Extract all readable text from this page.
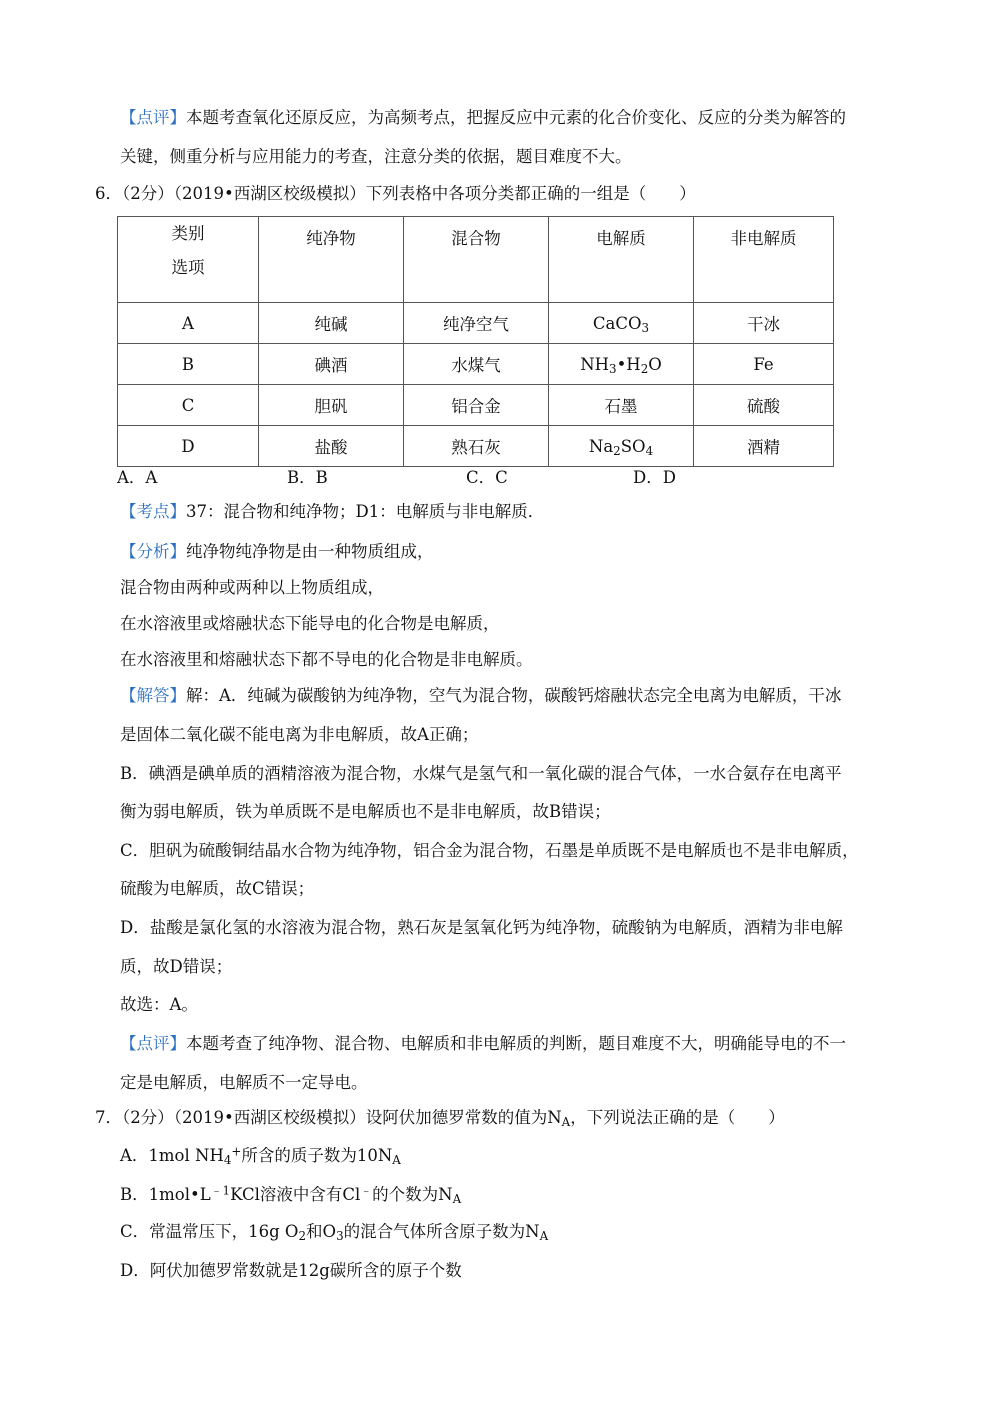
【点评】本题考查氧化还原反应，为高频考点，把握反应中元素的化合价变化、反应的分类为解答的
关键，侧重分析与应用能力的考查，注意分类的依据，题目难度不大。
6．（2分）（2019•西湖区校级模拟）下列表格中各项分类都正确的一组是（　　）
类别
选项	纯净物	混合物	电解质	非电解质
A	纯碱	纯净空气	CaCO$_3$	干冰
B	碘酒	水煤气	$NH_3•H_2O$	Fe
C	胆矾	铝合金	石墨	硫酸
D	盐酸	熟石灰	$Na_2SO_4$	酒精
A．A	B．B	C．C	D．D
【考点】37：混合物和纯净物；D1：电解质与非电解质．
【分析】纯净物纯净物是由一种物质组成，
混合物由两种或两种以上物质组成，
在水溶液里或熔融状态下能导电的化合物是电解质，
在水溶液里和熔融状态下都不导电的化合物是非电解质。
【解答】解：A．纯碱为碳酸钠为纯净物，空气为混合物，碳酸钙熔融状态完全电离为电解质，干冰
是固体二氧化碳不能电离为非电解质，故A正确；
B．碘酒是碘单质的酒精溶液为混合物，水煤气是氢气和一氧化碳的混合气体，一水合氨存在电离平
衡为弱电解质，铁为单质既不是电解质也不是非电解质，故B错误；
C．胆矾为硫酸铜结晶水合物为纯净物，铝合金为混合物，石墨是单质既不是电解质也不是非电解质，
硫酸为电解质，故C错误；
D．盐酸是氯化氢的水溶液为混合物，熟石灰是氢氧化钙为纯净物，硫酸钠为电解质，酒精为非电解
质，故D错误；
故选：A。
【点评】本题考查了纯净物、混合物、电解质和非电解质的判断，题目难度不大，明确能导电的不一
定是电解质，电解质不一定导电。
7．（2分）（2019•西湖区校级模拟）设阿伏加德罗常数的值为$N_A$，下列说法正确的是（　　）
A．1mol $NH_4^+$所含的质子数为$10N_A$
B．$1mol•L^{﹣1}KCl$溶液中含有Cl﹣的个数为$N_A$
C．常温常压下，16g $O_2$和$O_3$的混合气体所含原子数为$N_A$
D．阿伏加德罗常数就是12g碳所含的原子个数
